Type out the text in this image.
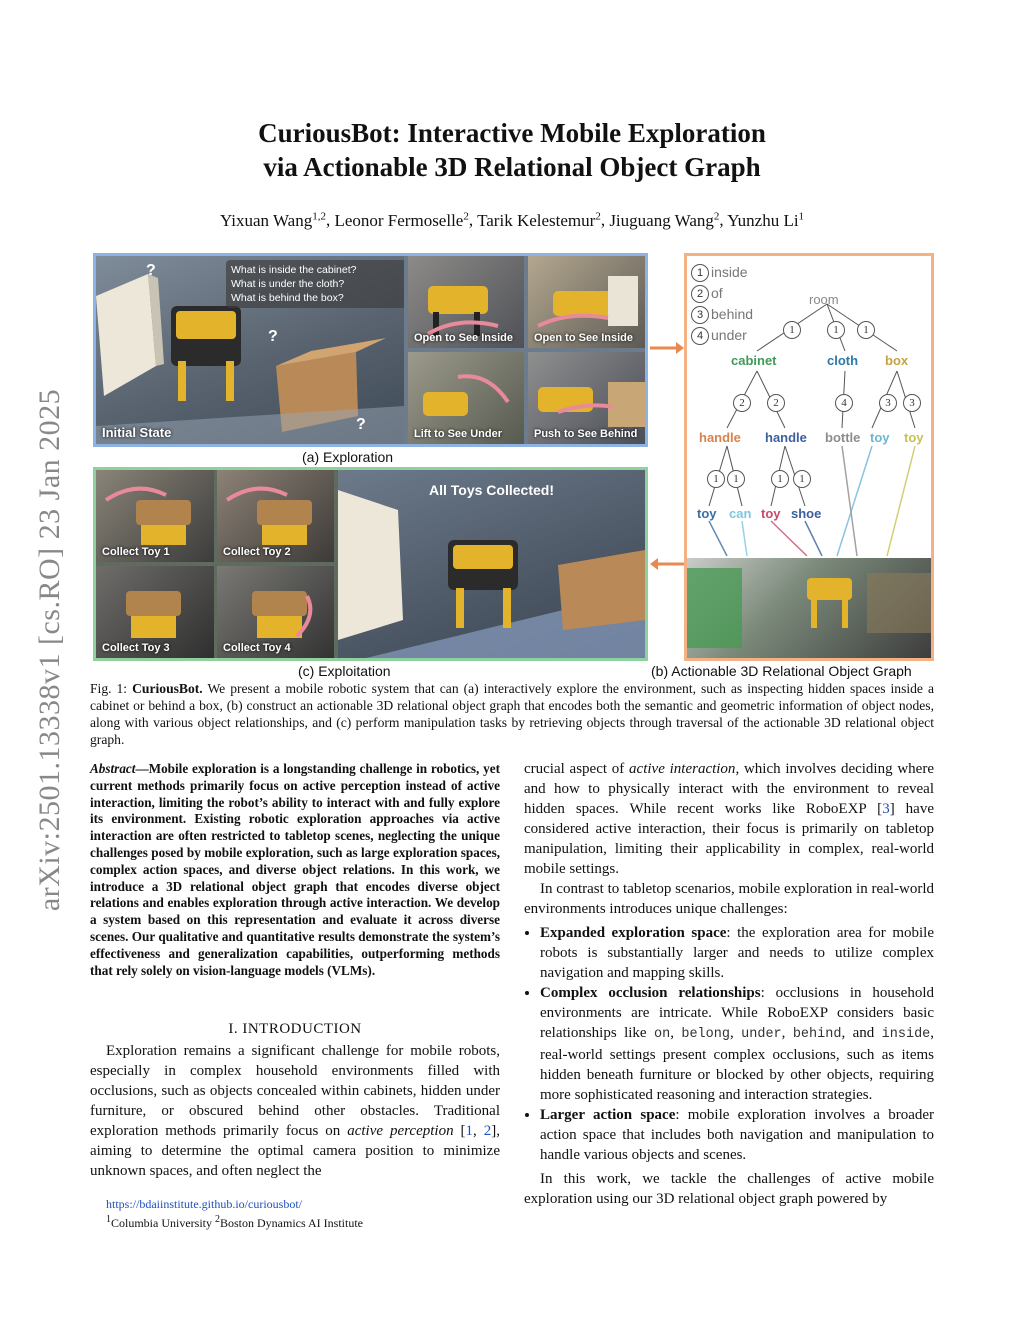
arXiv:2501.13338v1 [cs.RO] 23 Jan 2025
CuriousBot: Interactive Mobile Exploration
via Actionable 3D Relational Object Graph
Yixuan Wang$^{1,2}$, Leonor Fermoselle$^2$, Tarik Kelestemur$^2$, Jiuguang Wang$^2$, Yunzhu Li$^1$
Initial State
?
?
?
What is inside the cabinet?
What is under the cloth?
What is behind the box?
Open to See Inside Open to See Inside
Lift to See Under	Push to See Behind
(a) Exploration
Collect Toy 1	Collect Toy 2
Collect Toy 3	Collect Toy 4
All Toys Collected!
(c) Exploitation
1 inside
2 of
3 behind
4 under
room
1	1	1
cabinet	cloth box
2	2	4	3	3
handle handle bottle toy toy
1	1	1	1
toy can toy shoe
(b) Actionable 3D Relational Object Graph
Fig. 1: CuriousBot. We present a mobile robotic system that can (a) interactively explore the environment, such as inspecting hidden spaces inside a cabinet or behind a box, (b) construct an actionable 3D relational object graph that encodes both the semantic and geometric information of object nodes, along with various object relationships, and (c) perform manipulation tasks by retrieving objects through traversal of the actionable 3D relational object graph.
Abstract—Mobile exploration is a longstanding challenge in robotics, yet current methods primarily focus on active perception instead of active interaction, limiting the robot’s ability to interact with and fully explore its environment. Existing robotic exploration approaches via active interaction are often restricted to tabletop scenes, neglecting the unique challenges posed by mobile exploration, such as large exploration spaces, complex action spaces, and diverse object relations. In this work, we introduce a 3D relational object graph that encodes diverse object relations and enables exploration through active interaction. We develop a system based on this representation and evaluate it across diverse scenes. Our qualitative and quantitative results demonstrate the system’s effectiveness and generalization capabilities, outperforming methods that rely solely on vision-language models (VLMs).
I. INTRODUCTION

Exploration remains a significant challenge for mobile robots, especially in complex household environments filled with occlusions, such as objects concealed within cabinets, hidden under furniture, or obscured behind other obstacles. Traditional exploration methods primarily focus on active perception [1, 2], aiming to determine the optimal camera position to minimize unknown spaces, and often neglect the

https://bdaiinstitute.github.io/curiousbot/
$^1$Columbia University $^2$Boston Dynamics AI Institute

crucial aspect of active interaction, which involves deciding where and how to physically interact with the environment to reveal hidden spaces. While recent works like RoboEXP [3] have considered active interaction, their focus is primarily on tabletop manipulation, limiting their applicability in complex, real-world mobile settings.

In contrast to tabletop scenarios, mobile exploration in real-world environments introduces unique challenges:

• Expanded exploration space: the exploration area for mobile robots is substantially larger and needs to utilize complex navigation and mapping skills.
• Complex occlusion relationships: occlusions in household environments are intricate. While RoboEXP considers basic relationships like on, belong, under, behind, and inside, real-world settings present complex occlusions, such as items hidden beneath furniture or blocked by other objects, requiring more sophisticated reasoning and interaction strategies.
• Larger action space: mobile exploration involves a broader action space that includes both navigation and manipulation to handle various objects and scenes.

In this work, we tackle the challenges of active mobile exploration using our 3D relational object graph powered by
